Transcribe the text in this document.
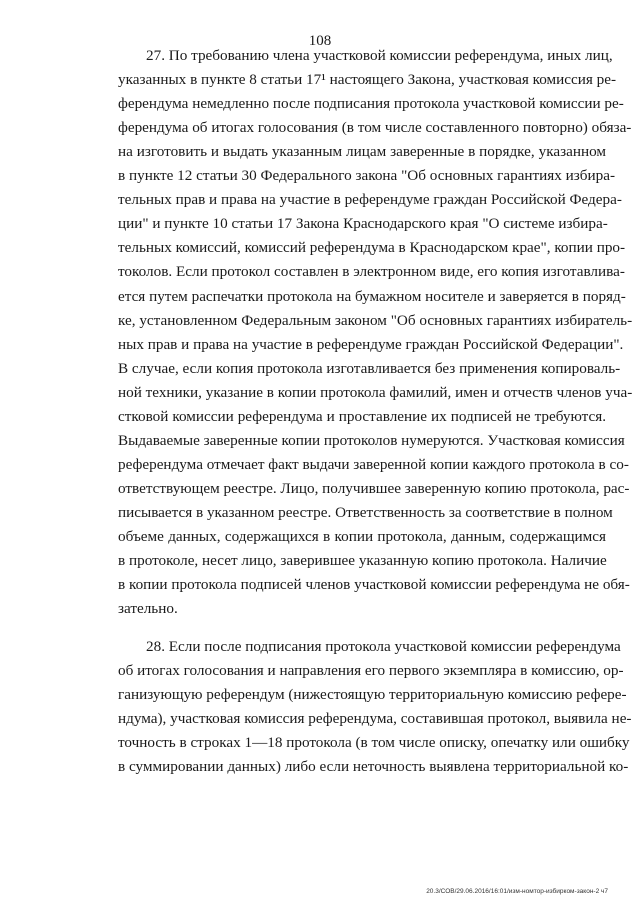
108
27. По требованию члена участковой комиссии референдума, иных лиц,
указанных в пункте 8 статьи 17¹ настоящего Закона, участковая комиссия ре-
ферендума немедленно после подписания протокола участковой комиссии ре-
ферендума об итогах голосования (в том числе составленного повторно) обяза-
на изготовить и выдать указанным лицам заверенные в порядке, указанном
в пункте 12 статьи 30 Федерального закона "Об основных гарантиях избира-
тельных прав и права на участие в референдуме граждан Российской Федера-
ции" и пункте 10 статьи 17 Закона Краснодарского края "О системе избира-
тельных комиссий, комиссий референдума в Краснодарском крае", копии про-
токолов. Если протокол составлен в электронном виде, его копия изготавлива-
ется путем распечатки протокола на бумажном носителе и заверяется в поряд-
ке, установленном Федеральным законом "Об основных гарантиях избиратель-
ных прав и права на участие в референдуме граждан Российской Федерации".
В случае, если копия протокола изготавливается без применения копироваль-
ной техники, указание в копии протокола фамилий, имен и отчеств членов уча-
стковой комиссии референдума и проставление их подписей не требуются.
Выдаваемые заверенные копии протоколов нумеруются. Участковая комиссия
референдума отмечает факт выдачи заверенной копии каждого протокола в со-
ответствующем реестре. Лицо, получившее заверенную копию протокола, рас-
писывается в указанном реестре. Ответственность за соответствие в полном
объеме данных, содержащихся в копии протокола, данным, содержащимся
в протоколе, несет лицо, заверившее указанную копию протокола. Наличие
в копии протокола подписей членов участковой комиссии референдума не обя-
зательно.
28. Если после подписания протокола участковой комиссии референдума
об итогах голосования и направления его первого экземпляра в комиссию, ор-
ганизующую референдум (нижестоящую территориальную комиссию рефере-
ндума), участковая комиссия референдума, составившая протокол, выявила не-
точность в строках 1—18 протокола (в том числе описку, опечатку или ошибку
в суммировании данных) либо если неточность выявлена территориальной ко-
20.3/СОВ/29.06.2016/16:01/изм-номтор-избирком-закон-2 ч7
